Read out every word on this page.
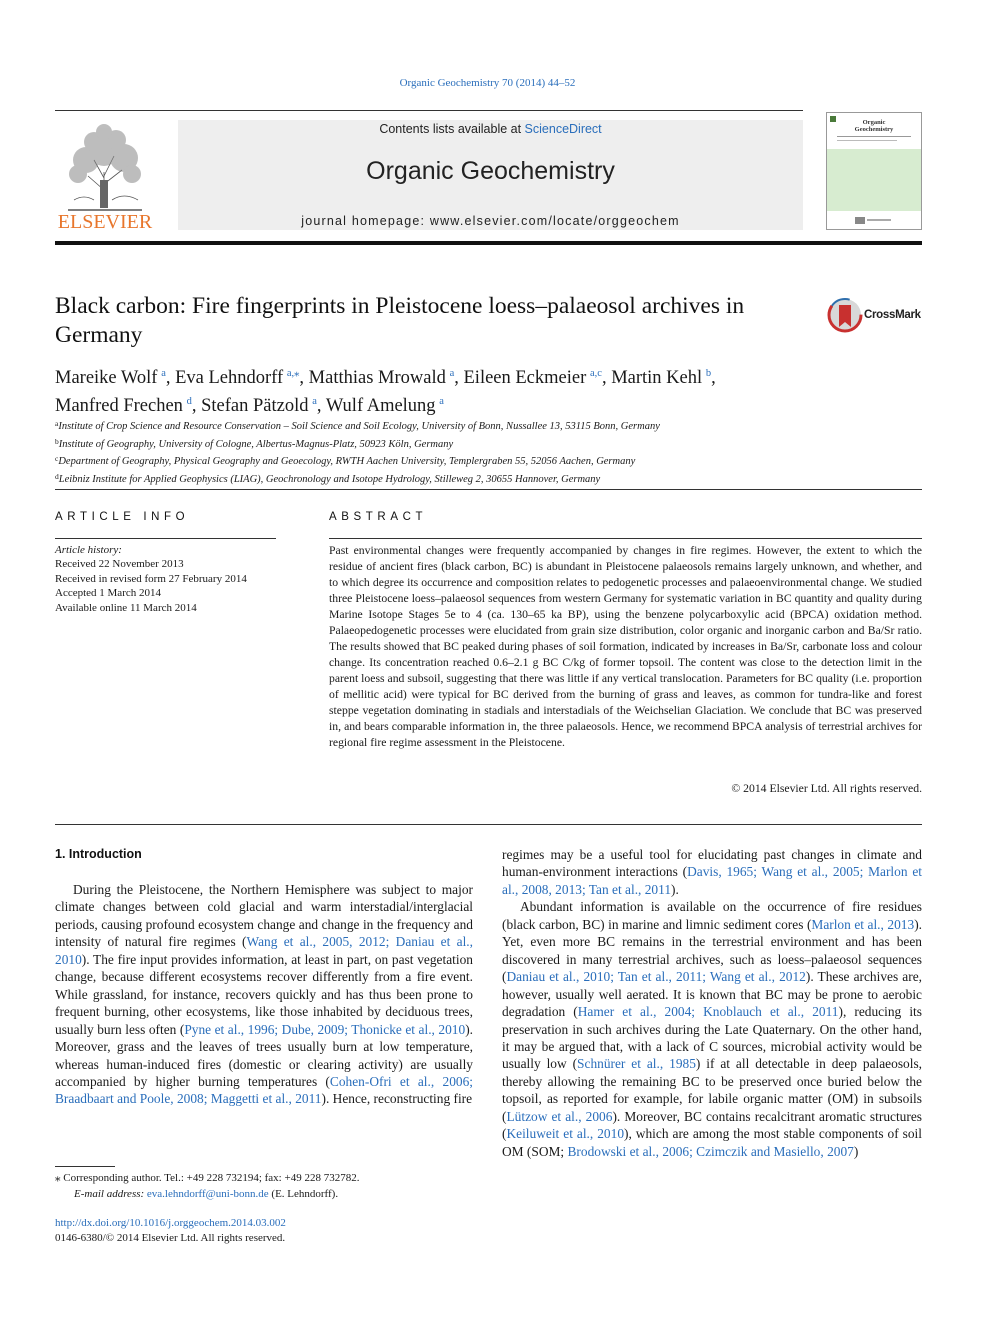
Organic Geochemistry 70 (2014) 44–52
ELSEVIER
Contents lists available at ScienceDirect
Organic Geochemistry
journal homepage: www.elsevier.com/locate/orggeochem
Organic
Geochemistry
Black carbon: Fire fingerprints in Pleistocene loess–palaeosol archives in Germany
CrossMark
Mareike Wolf  $^a$, Eva Lehndorff  $^{a,⁎}$, Matthias Mrowald  $^a$, Eileen Eckmeier  $^{a,c}$, Martin Kehl  $^b$,
Manfred Frechen  $^d$, Stefan Pätzold  $^a$, Wulf Amelung  $^a$
$^a$Institute of Crop Science and Resource Conservation – Soil Science and Soil Ecology, University of Bonn, Nussallee 13, 53115 Bonn, Germany
$^b$Institute of Geography, University of Cologne, Albertus-Magnus-Platz, 50923 Köln, Germany
$^c$Department of Geography, Physical Geography and Geoecology, RWTH Aachen University, Templergraben 55, 52056 Aachen, Germany
$^d$Leibniz Institute for Applied Geophysics (LIAG), Geochronology and Isotope Hydrology, Stilleweg 2, 30655 Hannover, Germany
ARTICLE INFO
Article history:
Received 22 November 2013
Received in revised form 27 February 2014
Accepted 1 March 2014
Available online 11 March 2014
ABSTRACT
Past environmental changes were frequently accompanied by changes in fire regimes. However, the extent to which the residue of ancient fires (black carbon, BC) is abundant in Pleistocene palaeosols remains largely unknown, and whether, and to which degree its occurrence and composition relates to pedogenetic processes and palaeoenvironmental change. We studied three Pleistocene loess–palaeosol sequences from western Germany for systematic variation in BC quantity and quality during Marine Isotope Stages 5e to 4 (ca. 130–65 ka BP), using the benzene polycarboxylic acid (BPCA) oxidation method. Palaeopedogenetic processes were elucidated from grain size distribution, color organic and inorganic carbon and Ba/Sr ratio. The results showed that BC peaked during phases of soil formation, indicated by increases in Ba/Sr, carbonate loss and colour change. Its concentration reached 0.6–2.1 g BC C/kg of former topsoil. The content was close to the detection limit in the parent loess and subsoil, suggesting that there was little if any vertical translocation. Parameters for BC quality (i.e. proportion of mellitic acid) were typical for BC derived from the burning of grass and leaves, as common for tundra-like and forest steppe vegetation dominating in stadials and interstadials of the Weichselian Glaciation. We conclude that BC was preserved in, and bears comparable information in, the three palaeosols. Hence, we recommend BPCA analysis of terrestrial archives for regional fire regime assessment in the Pleistocene.
© 2014 Elsevier Ltd. All rights reserved.
1. Introduction

During the Pleistocene, the Northern Hemisphere was subject to major climate changes between cold glacial and warm interstadial/interglacial periods, causing profound ecosystem change and change in the frequency and intensity of natural fire regimes (Wang et al., 2005, 2012; Daniau et al., 2010). The fire input provides information, at least in part, on past vegetation change, because different ecosystems recover differently from a fire event. While grassland, for instance, recovers quickly and has thus been prone to frequent burning, other ecosystems, like those inhabited by deciduous trees, usually burn less often (Pyne et al., 1996; Dube, 2009; Thonicke et al., 2010). Moreover, grass and the leaves of trees usually burn at low temperature, whereas human-induced fires (domestic or clearing activity) are usually accompanied by higher burning temperatures (Cohen-Ofri et al., 2006; Braadbaart and Poole, 2008; Maggetti et al., 2011). Hence, reconstructing fire

regimes may be a useful tool for elucidating past changes in climate and human-environment interactions (Davis, 1965; Wang et al., 2005; Marlon et al., 2008, 2013; Tan et al., 2011).

Abundant information is available on the occurrence of fire residues (black carbon, BC) in marine and limnic sediment cores (Marlon et al., 2013). Yet, even more BC remains in the terrestrial environment and has been discovered in many terrestrial archives, such as loess–palaeosol sequences (Daniau et al., 2010; Tan et al., 2011; Wang et al., 2012). These archives are, however, usually well aerated. It is known that BC may be prone to aerobic degradation (Hamer et al., 2004; Knoblauch et al., 2011), reducing its preservation in such archives during the Late Quaternary. On the other hand, it may be argued that, with a lack of C sources, microbial activity would be usually low (Schnürer et al., 1985) if at all detectable in deep palaeosols, thereby allowing the remaining BC to be preserved once buried below the topsoil, as reported for example, for labile organic matter (OM) in subsoils (Lützow et al., 2006). Moreover, BC contains recalcitrant aromatic structures (Keiluweit et al., 2010), which are among the most stable components of soil OM (SOM; Brodowski et al., 2006; Czimczik and Masiello, 2007)

⁎ Corresponding author. Tel.: +49 228 732194; fax: +49 228 732782.
E-mail address: eva.lehndorff@uni-bonn.de (E. Lehndorff).
http://dx.doi.org/10.1016/j.orggeochem.2014.03.002
0146-6380/© 2014 Elsevier Ltd. All rights reserved.
